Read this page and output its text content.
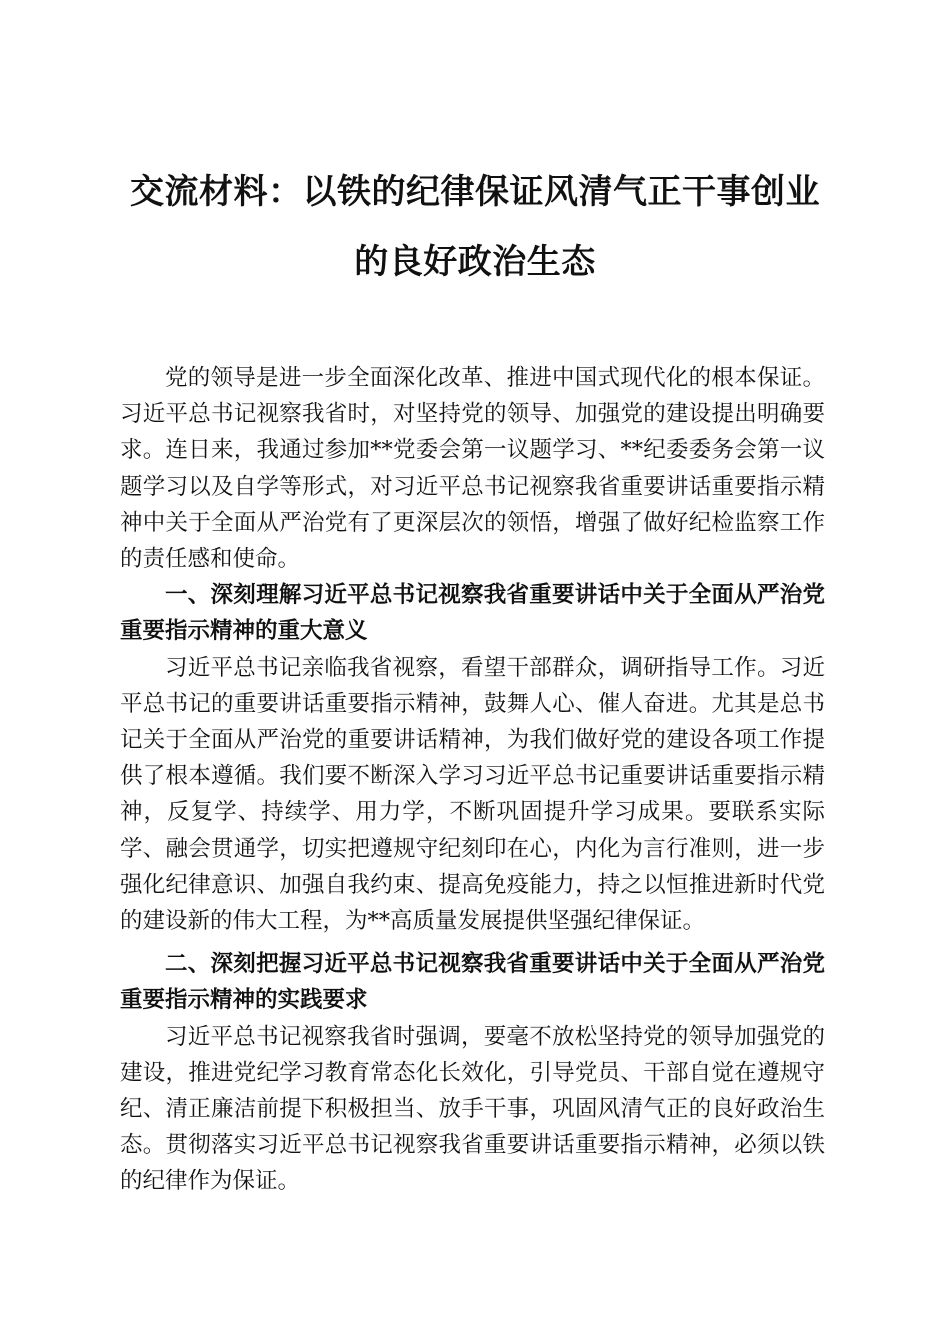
交流材料：以铁的纪律保证风清气正干事创业
的良好政治生态

党的领导是进一步全面深化改革、推进中国式现代化的根本保证。习近平总书记视察我省时，对坚持党的领导、加强党的建设提出明确要求。连日来，我通过参加**党委会第一议题学习、**纪委委务会第一议题学习以及自学等形式，对习近平总书记视察我省重要讲话重要指示精神中关于全面从严治党有了更深层次的领悟，增强了做好纪检监察工作的责任感和使命。

一、深刻理解习近平总书记视察我省重要讲话中关于全面从严治党重要指示精神的重大意义

习近平总书记亲临我省视察，看望干部群众，调研指导工作。习近平总书记的重要讲话重要指示精神，鼓舞人心、催人奋进。尤其是总书记关于全面从严治党的重要讲话精神，为我们做好党的建设各项工作提供了根本遵循。我们要不断深入学习习近平总书记重要讲话重要指示精神，反复学、持续学、用力学，不断巩固提升学习成果。要联系实际学、融会贯通学，切实把遵规守纪刻印在心，内化为言行准则，进一步强化纪律意识、加强自我约束、提高免疫能力，持之以恒推进新时代党的建设新的伟大工程，为**高质量发展提供坚强纪律保证。

二、深刻把握习近平总书记视察我省重要讲话中关于全面从严治党重要指示精神的实践要求

习近平总书记视察我省时强调，要毫不放松坚持党的领导加强党的建设，推进党纪学习教育常态化长效化，引导党员、干部自觉在遵规守纪、清正廉洁前提下积极担当、放手干事，巩固风清气正的良好政治生态。贯彻落实习近平总书记视察我省重要讲话重要指示精神，必须以铁的纪律作为保证。
